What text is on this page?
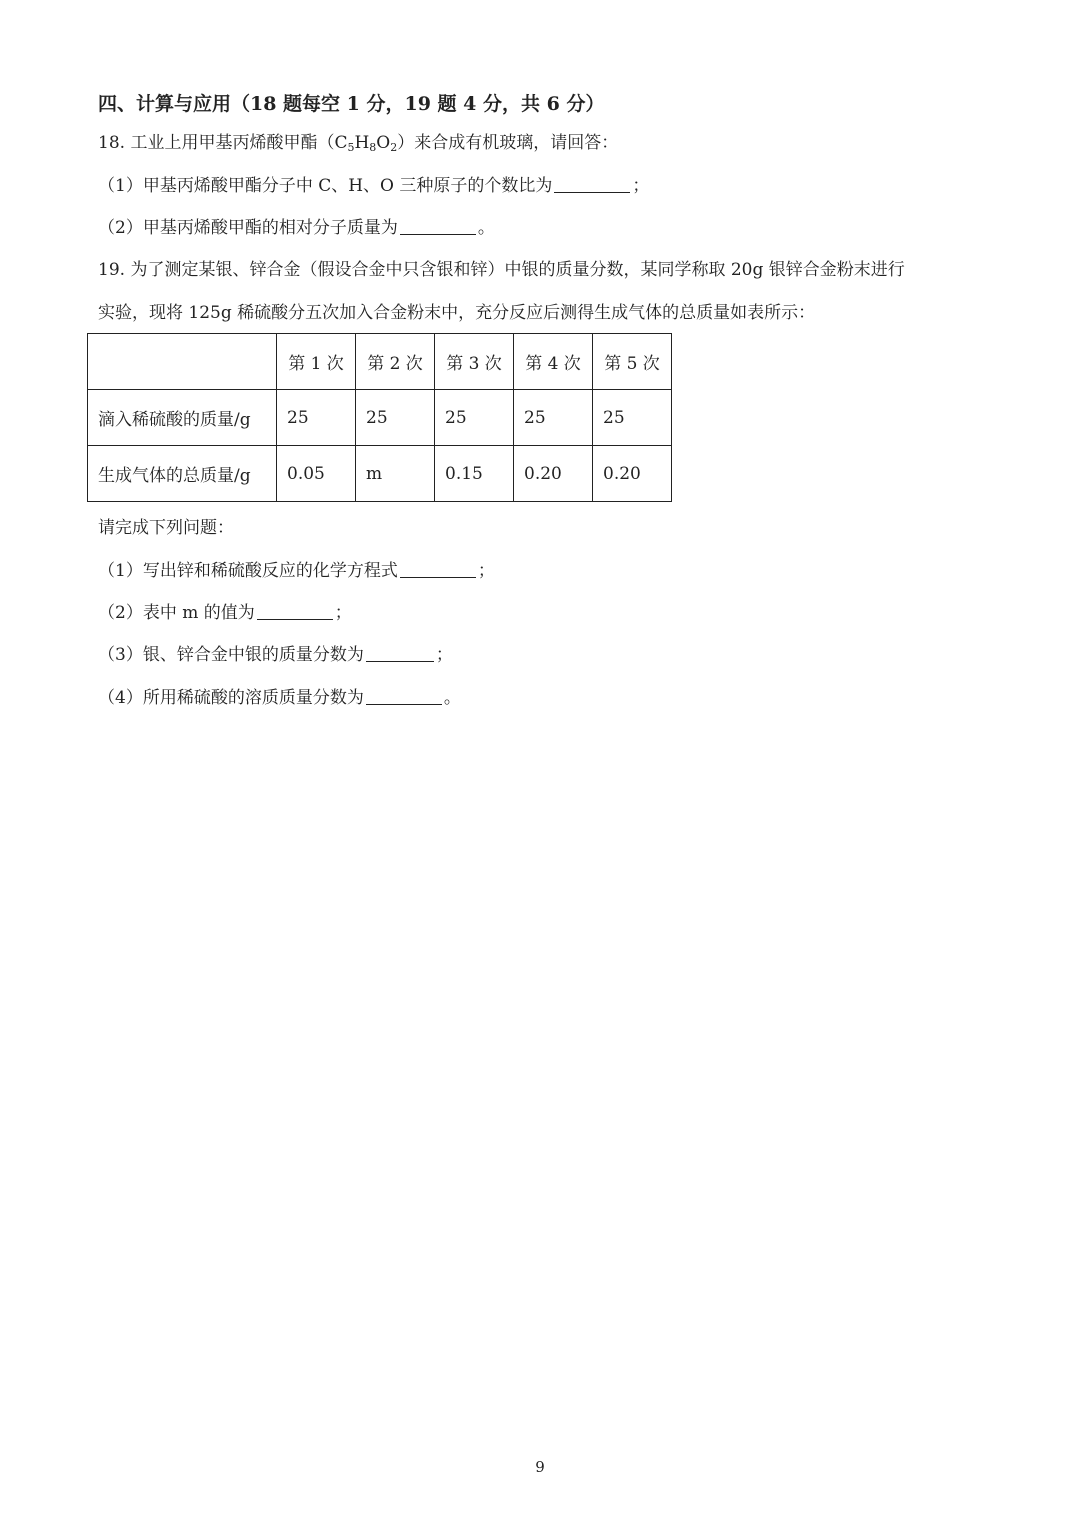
四、计算与应用（18 题每空 1 分，19 题 4 分，共 6 分）
18. 工业上用甲基丙烯酸甲酯$(C_5H_8O_2)$来合成有机玻璃，请回答：
（1）甲基丙烯酸甲酯分子中 C、H、O 三种原子的个数比为	；
（2）甲基丙烯酸甲酯的相对分子质量为	。
19. 为了测定某银、锌合金（假设合金中只含银和锌）中银的质量分数，某同学称取 20g 银锌合金粉末进行
实验，现将 125g 稀硫酸分五次加入合金粉末中，充分反应后测得生成气体的总质量如表所示：
	第 1 次	第 2 次	第 3 次	第 4 次	第 5 次
滴入稀硫酸的质量/g	25	25	25	25	25
生成气体的总质量/g	0.05	m	0.15	0.20	0.20
请完成下列问题：
（1）写出锌和稀硫酸反应的化学方程式	；
（2）表中 m 的值为	；
（3）银、锌合金中银的质量分数为	；
（4）所用稀硫酸的溶质质量分数为	。
9
